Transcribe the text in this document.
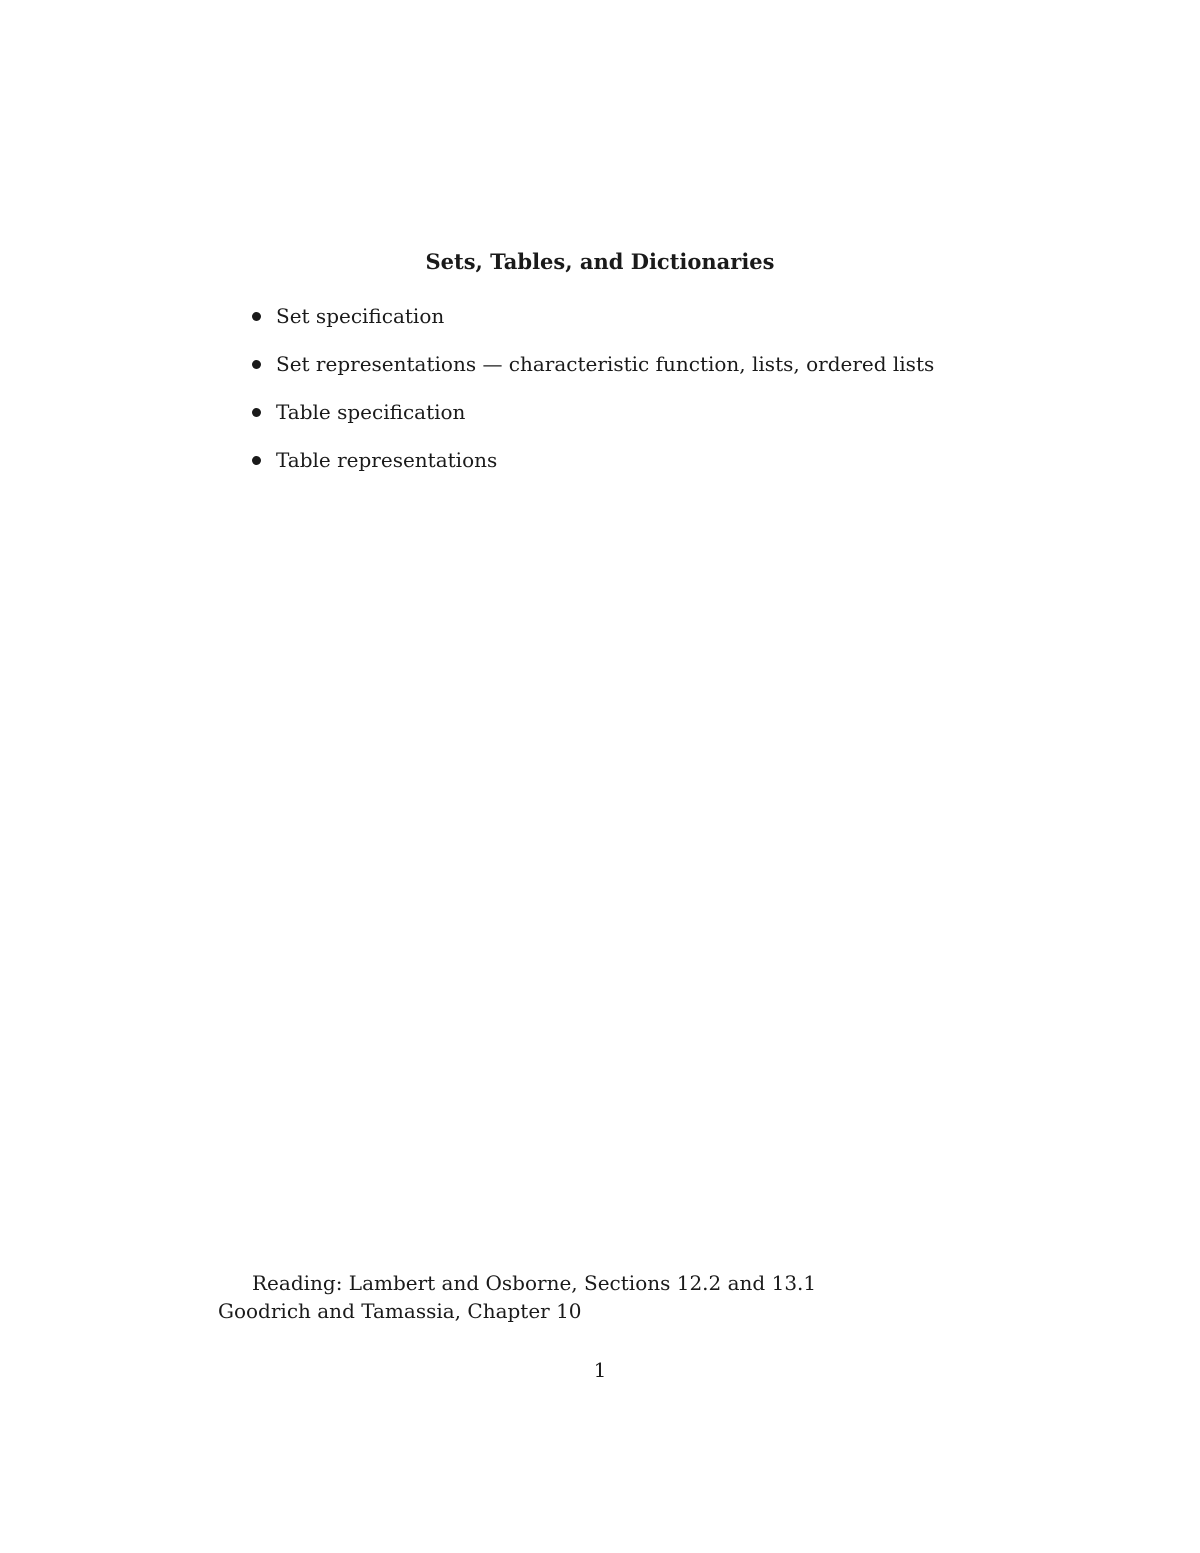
Sets, Tables, and Dictionaries
Set specification
Set representations — characteristic function, lists, ordered lists
Table specification
Table representations
Reading: Lambert and Osborne, Sections 12.2 and 13.1
Goodrich and Tamassia, Chapter 10
1
